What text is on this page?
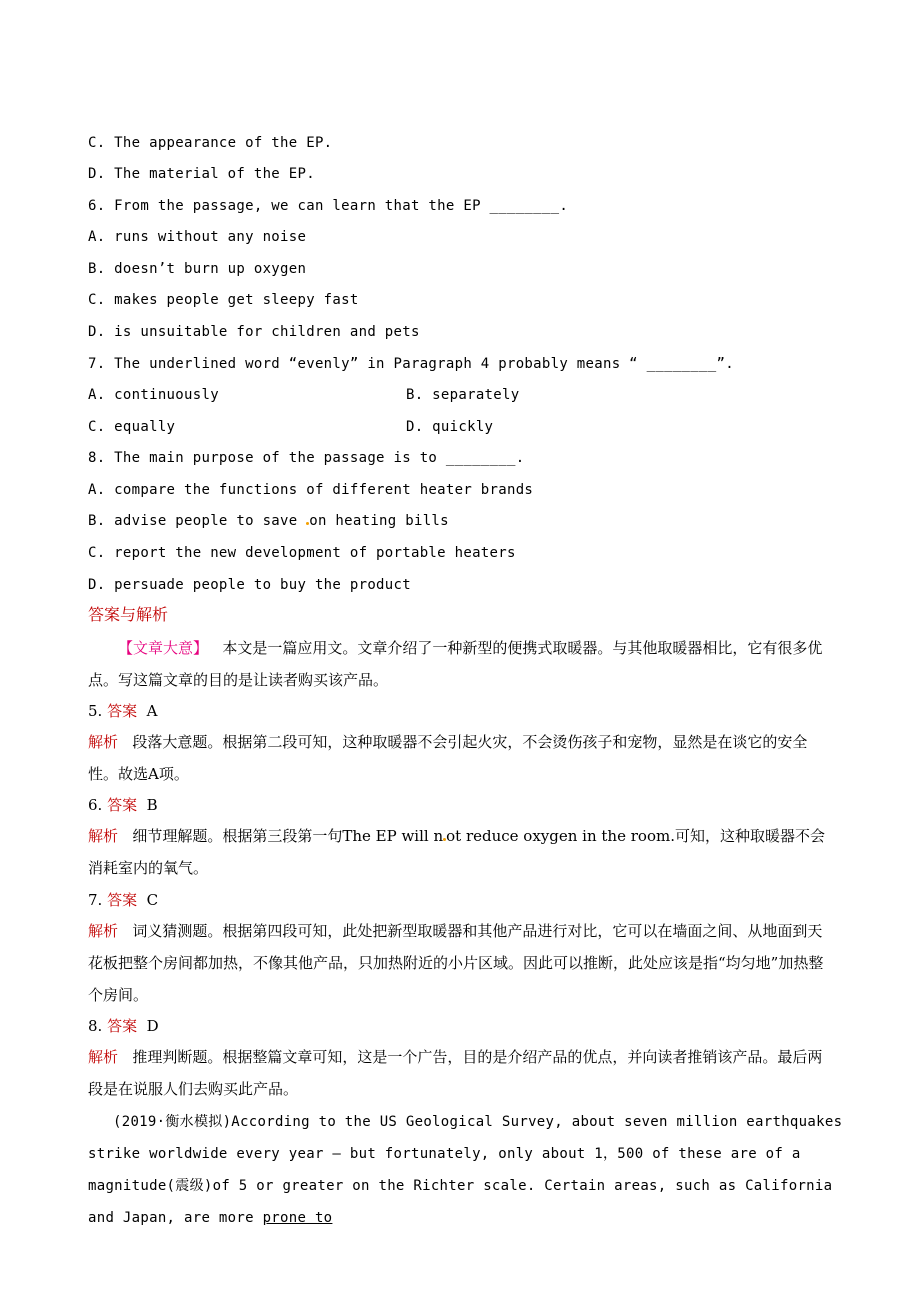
C. The appearance of the EP.
D. The material of the EP.
6. From the passage, we can learn that the EP ________.
A. runs without any noise
B. doesn’t burn up oxygen
C. makes people get sleepy fast
D. is unsuitable for children and pets
7. The underlined word “evenly” in Paragraph 4 probably means “ ________”.
A. continuously	B. separately
C. equally	D. quickly
8. The main purpose of the passage is to ________.
A. compare the functions of different heater brands
B. advise people to save on heating bills
C. report the new development of portable heaters
D. persuade people to buy the product
答案与解析
【文章大意】 本文是一篇应用文。文章介绍了一种新型的便携式取暖器。与其他取暖器相比，它有很多优点。写这篇文章的目的是让读者购买该产品。
5. 答案 A
解析 段落大意题。根据第二段可知，这种取暖器不会引起火灾，不会烫伤孩子和宠物，显然是在谈它的安全性。故选A项。
6. 答案 B
解析 细节理解题。根据第三段第一句The EP will n ot reduce oxygen in the room.可知，这种取暖器不会消耗室内的氧气。
7. 答案 C
解析 词义猜测题。根据第四段可知，此处把新型取暖器和其他产品进行对比，它可以在墙面之间、从地面到天花板把整个房间都加热，不像其他产品，只加热附近的小片区域。因此可以推断，此处应该是指“均匀地”加热整个房间。
8. 答案 D
解析 推理判断题。根据整篇文章可知，这是一个广告，目的是介绍产品的优点，并向读者推销该产品。最后两段是在说服人们去购买此产品。
(2019·衡水模拟)According to the US Geological Survey, about seven million earthquakes strike worldwide every year — but fortunately, only about 1，500 of these are of a magnitude(震级)of 5 or greater on the Richter scale. Certain areas, such as California and Japan, are more prone to
